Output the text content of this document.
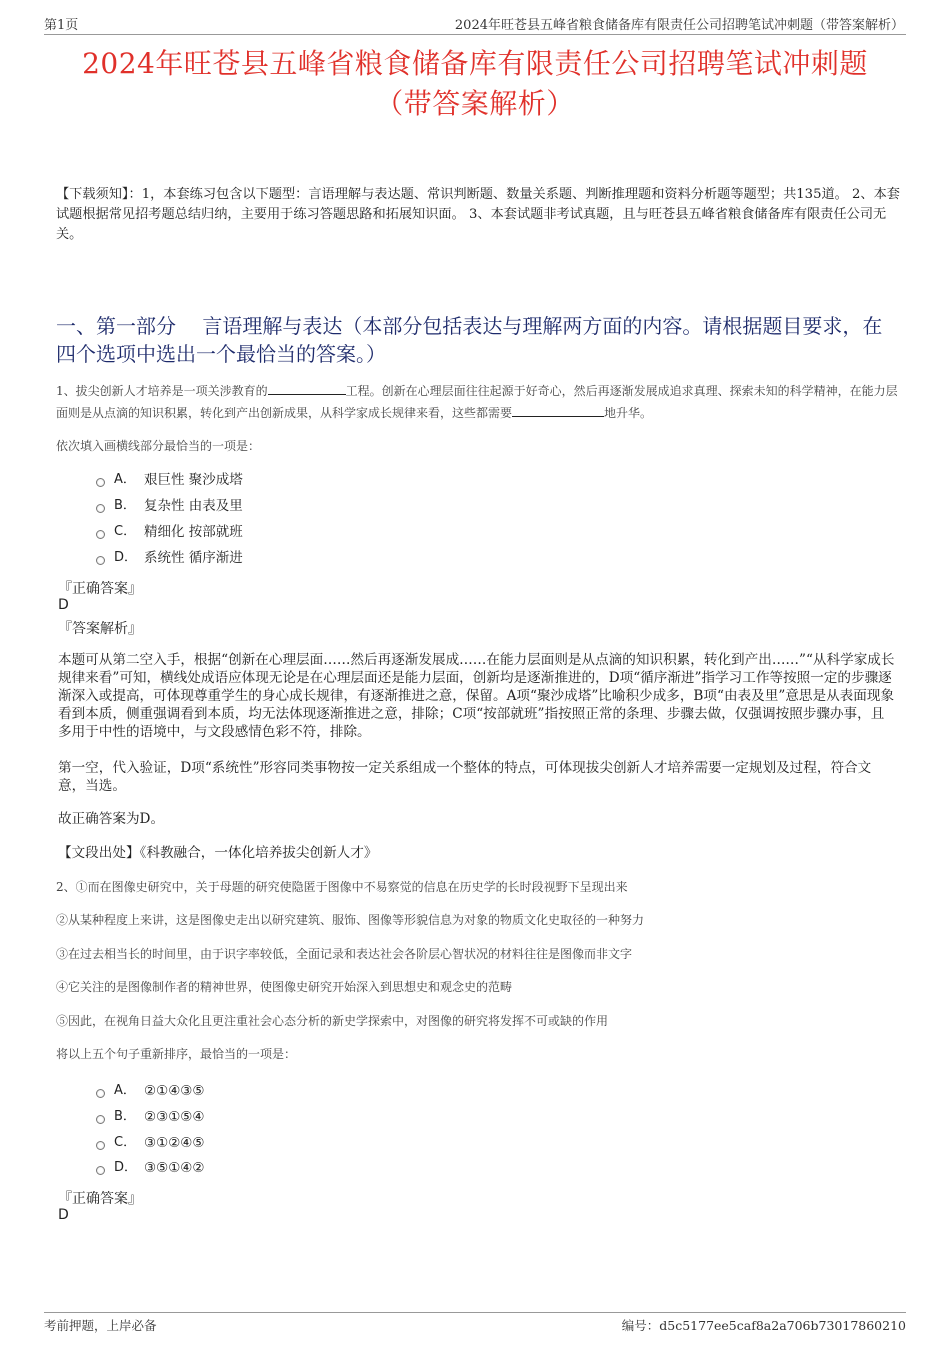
第1页	2024年旺苍县五峰省粮食储备库有限责任公司招聘笔试冲刺题（带答案解析）
2024年旺苍县五峰省粮食储备库有限责任公司招聘笔试冲刺题
（带答案解析）
【下载须知】：1，本套练习包含以下题型：言语理解与表达题、常识判断题、数量关系题、判断推理题和资料分析题等题型；共135道。 2、本套试题根据常见招考题总结归纳，主要用于练习答题思路和拓展知识面。 3、本套试题非考试真题，且与旺苍县五峰省粮食储备库有限责任公司无关。
一、第一部分　 言语理解与表达（本部分包括表达与理解两方面的内容。请根据题目要求，在四个选项中选出一个最恰当的答案。）
1、拔尖创新人才培养是一项关涉教育的	工程。创新在心理层面往往起源于好奇心，然后再逐渐发展成追求真理、探索未知的科学精神，在能力层面则是从点滴的知识积累，转化到产出创新成果，从科学家成长规律来看，这些都需要	地升华。
依次填入画横线部分最恰当的一项是：
A． 艰巨性 聚沙成塔
B． 复杂性 由表及里
C． 精细化 按部就班
D． 系统性 循序渐进
『正确答案』
D
『答案解析』
本题可从第二空入手，根据“创新在心理层面……然后再逐渐发展成……在能力层面则是从点滴的知识积累，转化到产出……”“从科学家成长规律来看”可知，横线处成语应体现无论是在心理层面还是能力层面，创新均是逐渐推进的，D项“循序渐进”指学习工作等按照一定的步骤逐渐深入或提高，可体现尊重学生的身心成长规律，有逐渐推进之意，保留。A项“聚沙成塔”比喻积少成多，B项“由表及里”意思是从表面现象看到本质，侧重强调看到本质，均无法体现逐渐推进之意，排除；C项“按部就班”指按照正常的条理、步骤去做，仅强调按照步骤办事，且多用于中性的语境中，与文段感情色彩不符，排除。
第一空，代入验证，D项“系统性”形容同类事物按一定关系组成一个整体的特点，可体现拔尖创新人才培养需要一定规划及过程，符合文意，当选。
故正确答案为D。
【文段出处】《科教融合，一体化培养拔尖创新人才》
2、①而在图像史研究中，关于母题的研究使隐匿于图像中不易察觉的信息在历史学的长时段视野下呈现出来
②从某种程度上来讲，这是图像史走出以研究建筑、服饰、图像等形貌信息为对象的物质文化史取径的一种努力
③在过去相当长的时间里，由于识字率较低，全面记录和表达社会各阶层心智状况的材料往往是图像而非文字
④它关注的是图像制作者的精神世界，使图像史研究开始深入到思想史和观念史的范畴
⑤因此，在视角日益大众化且更注重社会心态分析的新史学探索中，对图像的研究将发挥不可或缺的作用
将以上五个句子重新排序，最恰当的一项是：
A． ②①④③⑤
B． ②③①⑤④
C． ③①②④⑤
D． ③⑤①④②
『正确答案』
D
考前押题，上岸必备	编号：d5c5177ee5caf8a2a706b73017860210
